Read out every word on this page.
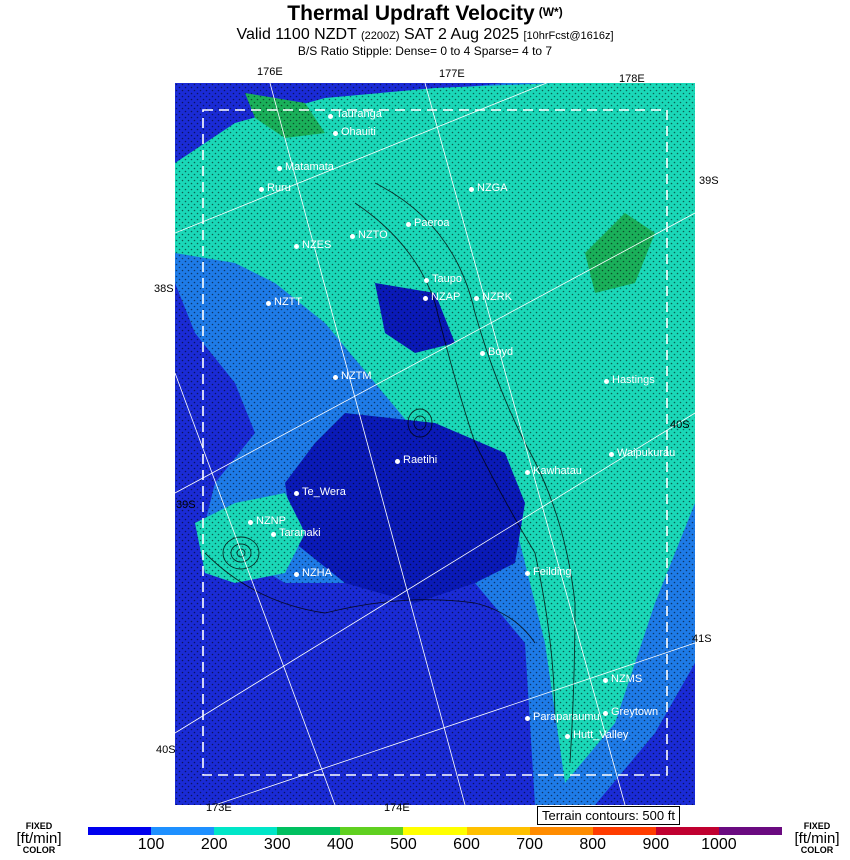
Thermal Updraft Velocity (W*)
Valid 1100 NZDT (2200Z) SAT 2 Aug 2025 [10hrFcst@1616z]
B/S Ratio Stipple: Dense= 0 to 4 Sparse= 4 to 7
Tauranga
Ohauiti
Matamata
Ruru	NZGA
Paeroa
NZTO
NZES
Taupo
NZAP NZRK
NZTT
Boyd
NZTM	Hastings
Waipukurau
Raetihi
Kawhatau
Te_Wera
NZNP
Taranaki
NZHA	Feilding
NZMS
Paraparaumu Greytown
Hutt_Valley
176E	177E	178E
173E	174E
38S
39S
39S
40S
40S
41S
Terrain contours: 500 ft
FIXED
[ft/min]
COLOR
FIXED
[ft/min]
COLOR
100 200 300 400 500 600 700 800 900 1000
